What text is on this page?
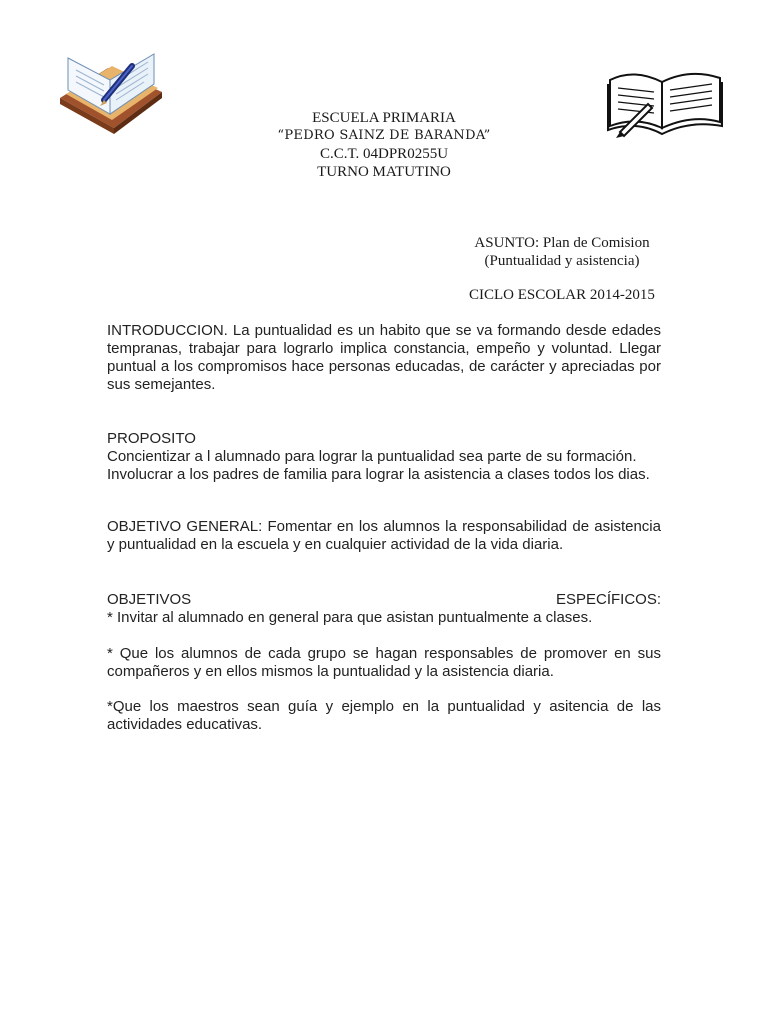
ESCUELA PRIMARIA
“PEDRO SAINZ DE BARANDA”
C.C.T. 04DPR0255U
TURNO MATUTINO
ASUNTO: Plan de Comision
(Puntualidad y asistencia)
CICLO ESCOLAR 2014-2015
INTRODUCCION. La puntualidad es un habito que se va formando desde edades tempranas, trabajar para lograrlo implica constancia, empeño y voluntad. Llegar puntual a los compromisos hace personas educadas, de carácter y apreciadas por sus semejantes.
PROPOSITO
Concientizar a l alumnado para lograr la puntualidad sea parte de su formación.
Involucrar a los padres de familia para lograr la asistencia a clases todos los dias.
OBJETIVO GENERAL: Fomentar en los alumnos la responsabilidad de asistencia y puntualidad en la escuela y en cualquier actividad de la vida diaria.
OBJETIVOS	ESPECÍFICOS:
* Invitar al alumnado en general para que asistan puntualmente a clases.
* Que los alumnos de cada grupo se hagan responsables de promover en sus compañeros y en ellos mismos la puntualidad y la asistencia diaria.
*Que los maestros sean guía y ejemplo en la puntualidad y asitencia de las actividades educativas.
